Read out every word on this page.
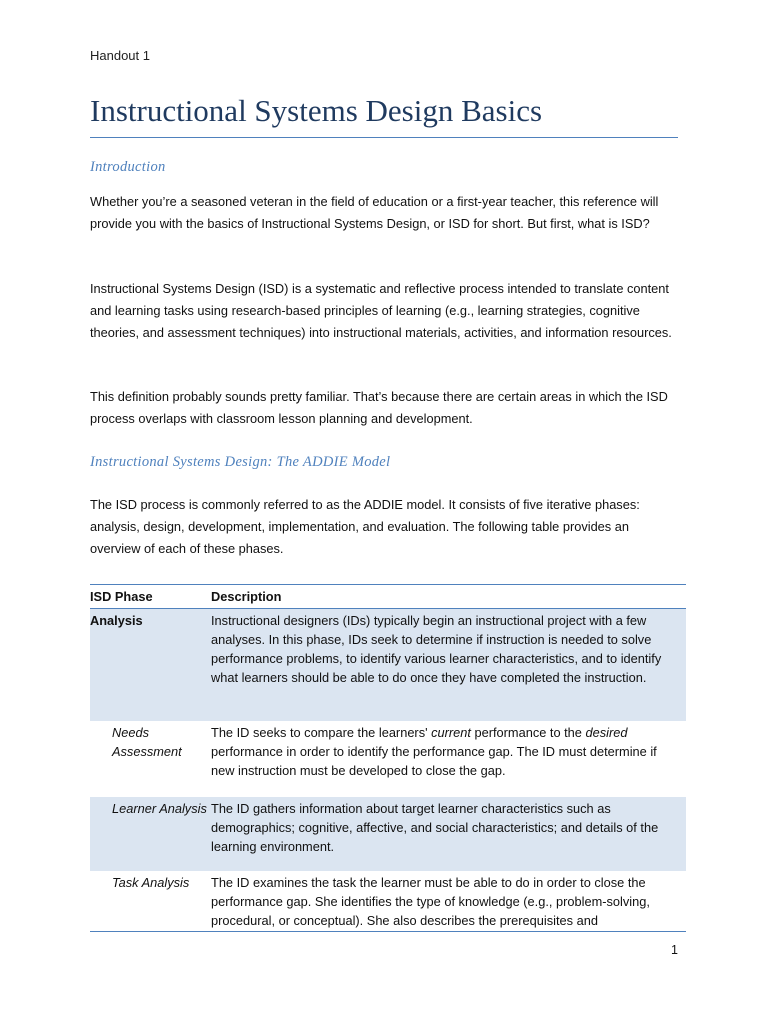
Handout 1
Instructional Systems Design Basics
Introduction

Whether you’re a seasoned veteran in the field of education or a first-year teacher, this reference will provide you with the basics of Instructional Systems Design, or ISD for short. But first, what is ISD?

Instructional Systems Design (ISD) is a systematic and reflective process intended to translate content and learning tasks using research-based principles of learning (e.g., learning strategies, cognitive theories, and assessment techniques) into instructional materials, activities, and information resources.

This definition probably sounds pretty familiar. That’s because there are certain areas in which the ISD process overlaps with classroom lesson planning and development.

Instructional Systems Design: The ADDIE Model

The ISD process is commonly referred to as the ADDIE model. It consists of five iterative phases: analysis, design, development, implementation, and evaluation. The following table provides an overview of each of these phases.

ISD Phase	Description
Analysis	Instructional designers (IDs) typically begin an instructional project with a few analyses. In this phase, IDs seek to determine if instruction is needed to solve performance problems, to identify various learner characteristics, and to identify what learners should be able to do once they have completed the instruction.
Needs Assessment	The ID seeks to compare the learners' current performance to the desired performance in order to identify the performance gap. The ID must determine if new instruction must be developed to close the gap.
Learner Analysis	The ID gathers information about target learner characteristics such as demographics; cognitive, affective, and social characteristics; and details of the learning environment.
Task Analysis	The ID examines the task the learner must be able to do in order to close the performance gap. She identifies the type of knowledge (e.g., problem-solving, procedural, or conceptual). She also describes the prerequisites and
1
